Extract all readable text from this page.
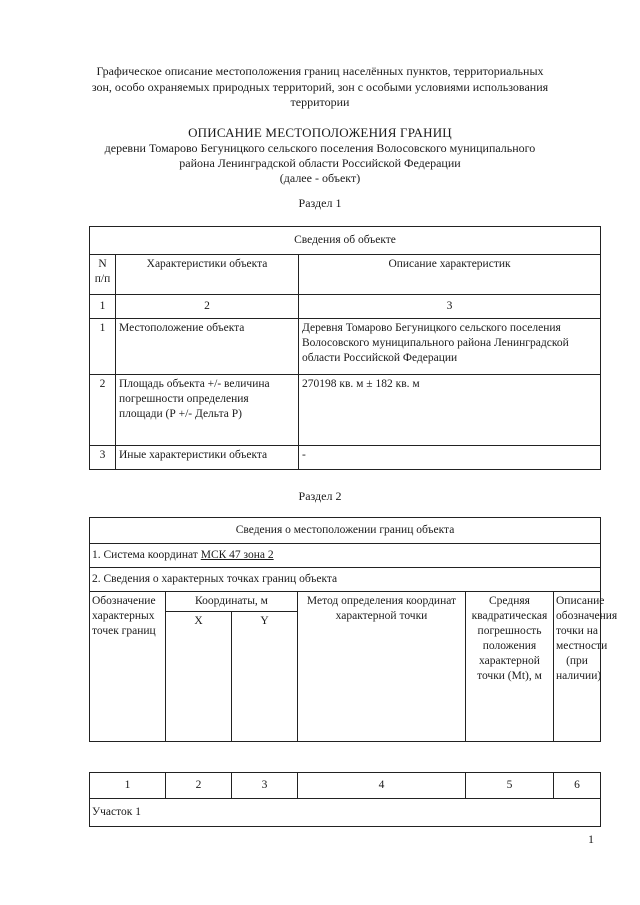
Графическое описание местоположения границ населённых пунктов, территориальных
зон, особо охраняемых природных территорий, зон с особыми условиями использования
территории
ОПИСАНИЕ МЕСТОПОЛОЖЕНИЯ ГРАНИЦ
деревни Томарово Бегуницкого сельского поселения Волосовского муниципального
района Ленинградской области Российской Федерации
(далее - объект)
Раздел 1
Сведения об объекте		
N п/п	Характеристики объекта	Описание характеристик
1	2	3
1	Местоположение объекта	Деревня Томарово Бегуницкого сельского поселения Волосовского муниципального района Ленинградской области Российской Федерации
2	Площадь объекта +/- величина погрешности определения площади (Р +/- Дельта Р)	270198 кв. м ± 182 кв. м
3	Иные характеристики объекта	-
Раздел 2
Сведения о местоположении границ объекта					
1. Система координат МСК 47 зона 2					
2. Сведения о характерных точках границ объекта					
Обозначение характерных точек границ	Координаты, м		Метод определения координат характерной точки	Средняя квадратическая погрешность положения характерной точки (Mt), м	Описание обозначения точки на местности (при наличии)
	X	Y			
1	2	3	4	5	6
Участок 1
1
